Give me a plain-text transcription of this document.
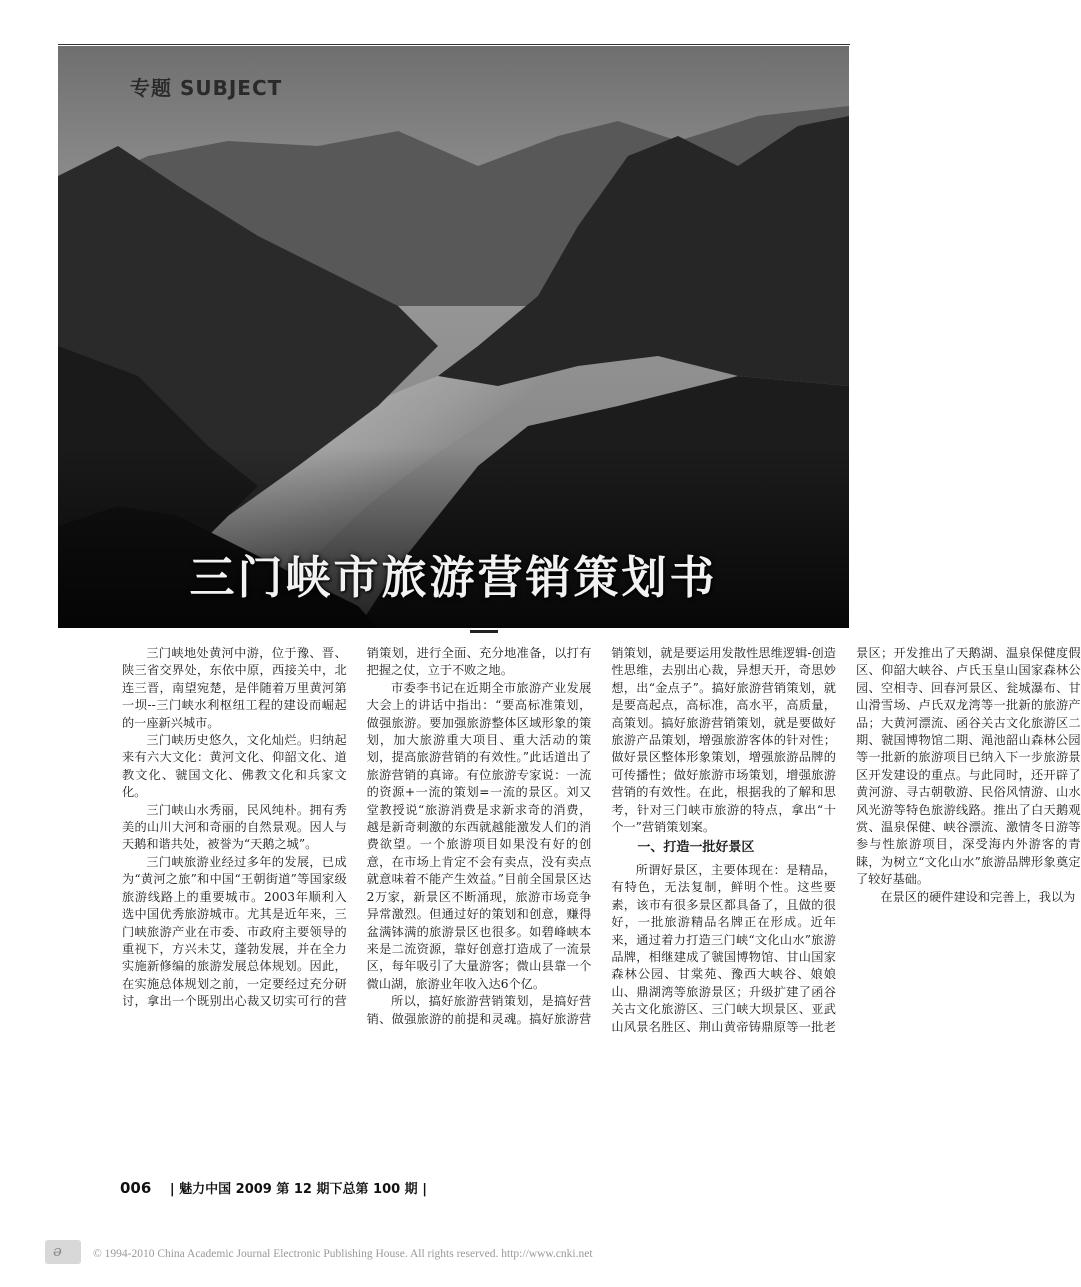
专题 SUBJECT
三门峡市旅游营销策划书

三门峡地处黄河中游，位于豫、晋、陕三省交界处，东依中原，西接关中，北连三晋，南望宛楚，是伴随着万里黄河第一坝--三门峡水利枢纽工程的建设而崛起的一座新兴城市。

三门峡历史悠久，文化灿烂。归纳起来有六大文化：黄河文化、仰韶文化、道教文化、虢国文化、佛教文化和兵家文化。

三门峡山水秀丽，民风纯朴。拥有秀美的山川大河和奇丽的自然景观。因人与天鹅和谐共处，被誉为“天鹅之城”。

三门峡旅游业经过多年的发展，已成为“黄河之旅”和中国“王朝街道”等国家级旅游线路上的重要城市。2003年顺利入选中国优秀旅游城市。尤其是近年来，三门峡旅游产业在市委、市政府主要领导的重视下，方兴未艾，蓬勃发展，并在全力实施新修编的旅游发展总体规划。因此，在实施总体规划之前，一定要经过充分研讨，拿出一个既别出心裁又切实可行的营销策划，进行全面、充分地准备，以打有把握之仗，立于不败之地。

市委李书记在近期全市旅游产业发展大会上的讲话中指出：“要高标准策划，做强旅游。要加强旅游整体区域形象的策划，加大旅游重大项目、重大活动的策划，提高旅游营销的有效性。”此话道出了旅游营销的真谛。有位旅游专家说：一流的资源+一流的策划=一流的景区。刘又堂教授说“旅游消费是求新求奇的消费，越是新奇刺激的东西就越能激发人们的消费欲望。一个旅游项目如果没有好的创意，在市场上肯定不会有卖点，没有卖点就意味着不能产生效益。”目前全国景区达2万家，新景区不断涌现，旅游市场竞争异常激烈。但通过好的策划和创意，赚得盆满钵满的旅游景区也很多。如碧峰峡本来是二流资源，靠好创意打造成了一流景区，每年吸引了大量游客；微山县靠一个微山湖，旅游业年收入达6个亿。

所以，搞好旅游营销策划，是搞好营销、做强旅游的前提和灵魂。搞好旅游营销策划，就是要运用发散性思维逻辑-创造性思维，去别出心裁，异想天开，奇思妙想，出“金点子”。搞好旅游营销策划，就是要高起点，高标准，高水平，高质量，高策划。搞好旅游营销策划，就是要做好旅游产品策划，增强旅游客体的针对性；做好景区整体形象策划，增强旅游品牌的可传播性；做好旅游市场策划，增强旅游营销的有效性。在此，根据我的了解和思考，针对三门峡市旅游的特点，拿出“十个一”营销策划案。

一、打造一批好景区

所谓好景区，主要体现在：是精品，有特色，无法复制，鲜明个性。这些要素，该市有很多景区都具备了，且做的很好，一批旅游精品名牌正在形成。近年来，通过着力打造三门峡“文化山水”旅游品牌，相继建成了虢国博物馆、甘山国家森林公园、甘棠苑、豫西大峡谷、娘娘山、鼎湖湾等旅游景区；升级扩建了函谷关古文化旅游区、三门峡大坝景区、亚武山风景名胜区、荆山黄帝铸鼎原等一批老景区；开发推出了天鹅湖、温泉保健度假区、仰韶大峡谷、卢氏玉皇山国家森林公园、空相寺、回春河景区、瓮城瀑布、甘山滑雪场、卢氏双龙湾等一批新的旅游产品；大黄河漂流、函谷关古文化旅游区二期、虢国博物馆二期、渑池韶山森林公园等一批新的旅游项目已纳入下一步旅游景区开发建设的重点。与此同时，还开辟了黄河游、寻古朝敬游、民俗风情游、山水风光游等特色旅游线路。推出了白天鹅观赏、温泉保健、峡谷漂流、激情冬日游等参与性旅游项目，深受海内外游客的青睐，为树立“文化山水”旅游品牌形象奠定了较好基础。

在景区的硬件建设和完善上，我以为

006 | 魅力中国 2009 第 12 期下总第 100 期 |
ə	© 1994-2010 China Academic Journal Electronic Publishing House. All rights reserved. http://www.cnki.net
